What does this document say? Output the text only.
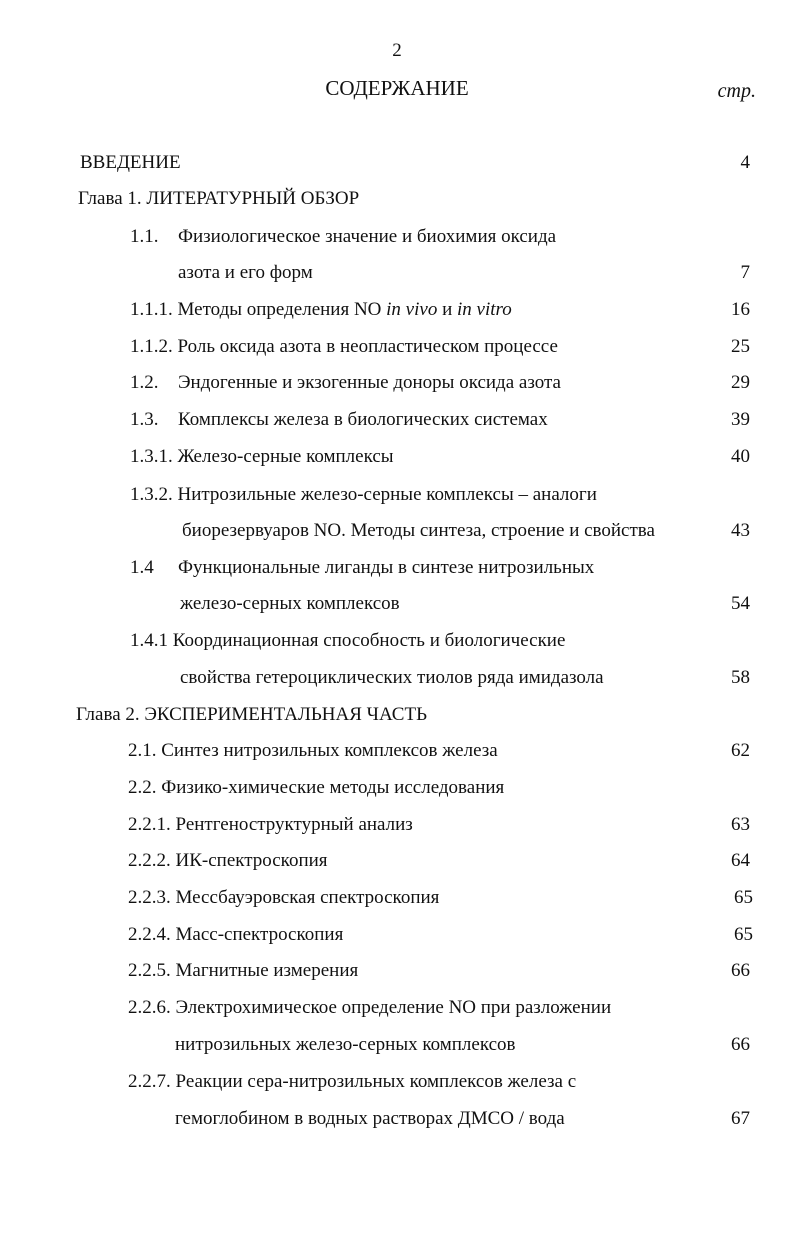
2
СОДЕРЖАНИЕ	стр.
ВВЕДЕНИЕ	4
Глава 1. ЛИТЕРАТУРНЫЙ ОБЗОР
1.1. Физиологическое значение и биохимия оксида
азота и его форм	7
1.1.1. Методы определения NO in vivo и in vitro	16
1.1.2. Роль оксида азота в неопластическом процессе	25
1.2. Эндогенные и экзогенные доноры оксида азота	29
1.3. Комплексы железа в биологических системах	39
1.3.1. Железо-серные комплексы	40
1.3.2. Нитрозильные железо-серные комплексы – аналоги
биорезервуаров NO. Методы синтеза, строение и свойства	43
1.4 Функциональные лиганды в синтезе нитрозильных
железо-серных комплексов	54
1.4.1 Координационная способность и биологические
свойства гетероциклических тиолов ряда имидазола	58
Глава 2. ЭКСПЕРИМЕНТАЛЬНАЯ ЧАСТЬ
2.1. Синтез нитрозильных комплексов железа	62
2.2. Физико-химические методы исследования
2.2.1. Рентгеноструктурный анализ	63
2.2.2. ИК-спектроскопия	64
2.2.3. Мессбауэровская спектроскопия	65
2.2.4. Масс-спектроскопия	65
2.2.5. Магнитные измерения	66
2.2.6. Электрохимическое определение NO при разложении
нитрозильных железо-серных комплексов	66
2.2.7. Реакции сера-нитрозильных комплексов железа с
гемоглобином в водных растворах ДМСО / вода	67
